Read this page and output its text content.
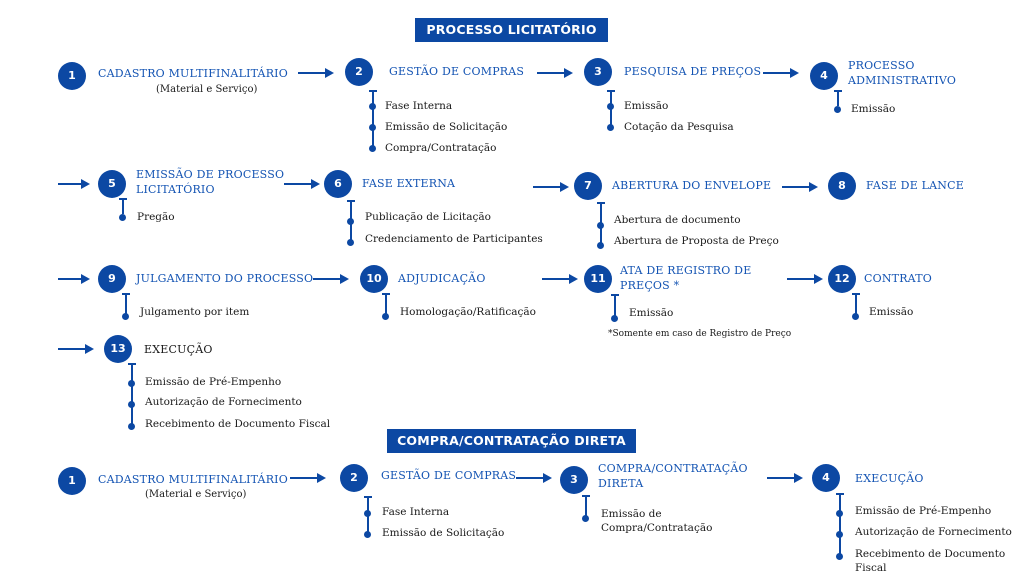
PROCESSO LICITATÓRIO
1	CADASTRO MULTIFINALITÁRIO
(Material e Serviço)
2	GESTÃO DE COMPRAS
Fase Interna
Emissão de Solicitação
Compra/Contratação
3	PESQUISA DE PREÇOS
Emissão
Cotação da Pesquisa
4
PROCESSO
ADMINISTRATIVO
Emissão
5
EMISSÃO DE PROCESSO
LICITATÓRIO
Pregão
6	FASE EXTERNA
Publicação de Licitação
Credenciamento de Participantes
7	ABERTURA DO ENVELOPE
Abertura de documento
Abertura de Proposta de Preço
8	FASE DE LANCE
9	JULGAMENTO DO PROCESSO
Julgamento por item
10	ADJUDICAÇÃO
Homologação/Ratificação
11
ATA DE REGISTRO DE
PREÇOS *
Emissão
*Somente em caso de Registro de Preço
12	CONTRATO
Emissão
13	EXECUÇÃO
Emissão de Pré-Empenho
Autorização de Fornecimento
Recebimento de Documento Fiscal
COMPRA/CONTRATAÇÃO DIRETA
1	CADASTRO MULTIFINALITÁRIO
(Material e Serviço)
2	GESTÃO DE COMPRAS
Fase Interna
Emissão de Solicitação
3
COMPRA/CONTRATAÇÃO
DIRETA
Emissão de
Compra/Contratação
4	EXECUÇÃO
Emissão de Pré-Empenho
Autorização de Fornecimento
Recebimento de Documento
Fiscal
